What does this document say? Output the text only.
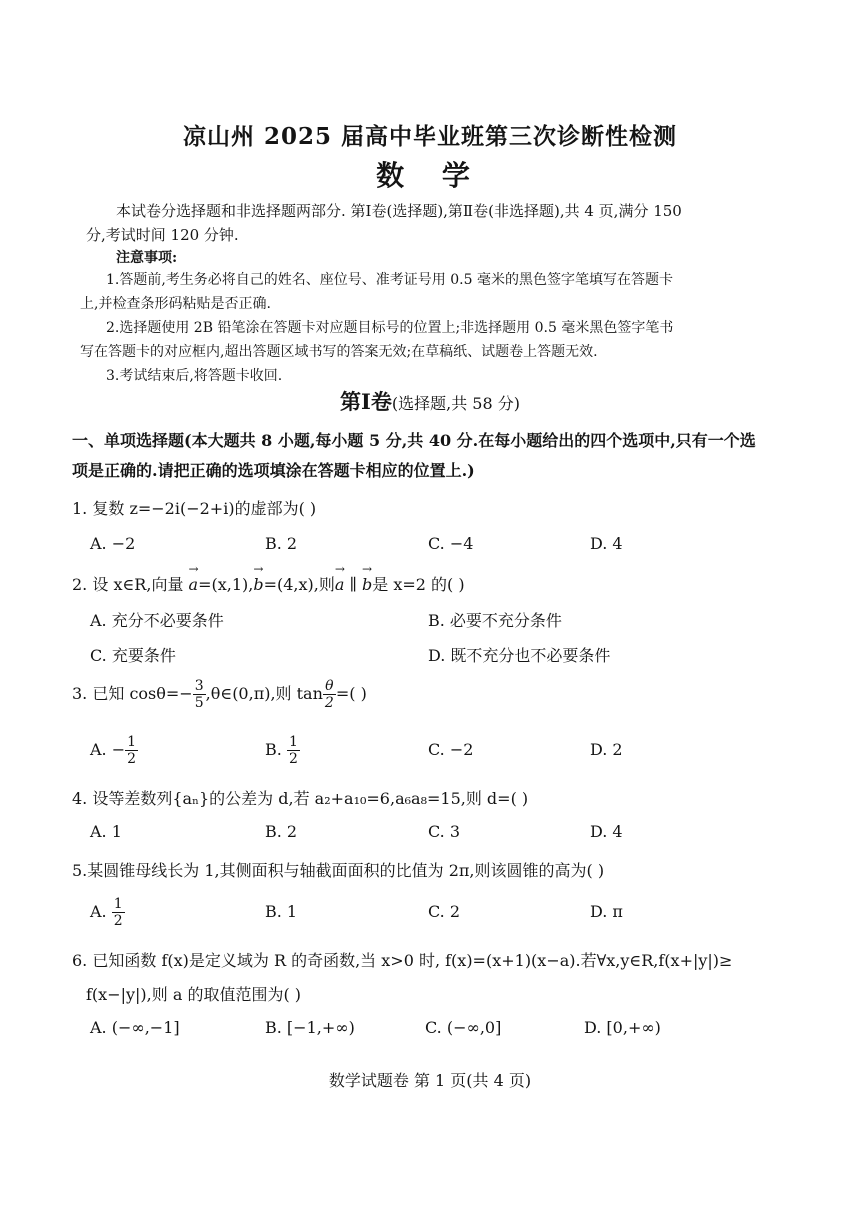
凉山州 2025 届高中毕业班第三次诊断性检测
数 学
本试卷分选择题和非选择题两部分. 第Ⅰ卷(选择题),第Ⅱ卷(非选择题),共 4 页,满分 150
分,考试时间 120 分钟.
注意事项:
1.答题前,考生务必将自己的姓名、座位号、准考证号用 0.5 毫米的黑色签字笔填写在答题卡
上,并检查条形码粘贴是否正确.
2.选择题使用 2B 铅笔涂在答题卡对应题目标号的位置上;非选择题用 0.5 毫米黑色签字笔书
写在答题卡的对应框内,超出答题区域书写的答案无效;在草稿纸、试题卷上答题无效.
3.考试结束后,将答题卡收回.
第Ⅰ卷(选择题,共 58 分)
一、单项选择题(本大题共 8 小题,每小题 5 分,共 40 分.在每小题给出的四个选项中,只有一个选
项是正确的.请把正确的选项填涂在答题卡相应的位置上.)
1. 复数 z=−2i(−2+i)的虚部为( )
A. −2	B. 2	C. −4	D. 4
2. 设 x∈R,向量 → a=(x,1),→ b=(4,x),则→ a ∥ → b是 x=2 的( )
A. 充分不必要条件	B. 必要不充分条件
C. 充要条件	D. 既不充分也不必要条件
3. 已知 $\cos\theta=- \frac{3}{5}$ ,θ∈(0,π),则 $\tan \frac{\theta}{2}$ =( )
A. − $\frac{1}{2}$	B. $\frac{1}{2}$	C. −2	D. 2
4. 设等差数列{aₙ}的公差为 d,若 a₂+a₁₀=6,a₆a₈=15,则 d=( )
A. 1	B. 2	C. 3	D. 4
5.某圆锥母线长为 1,其侧面积与轴截面面积的比值为 2π,则该圆锥的高为( )
A. $\frac{1}{2}$	B. 1	C. 2	D. π
6. 已知函数 f(x)是定义域为 R 的奇函数,当 x>0 时, f(x)=(x+1)(x−a).若∀x,y∈R,f(x+|y|)≥
f(x−|y|),则 a 的取值范围为( )
A. (−∞,−1]	B. [−1,+∞)	C. (−∞,0]	D. [0,+∞)
数学试题卷 第 1 页(共 4 页)
